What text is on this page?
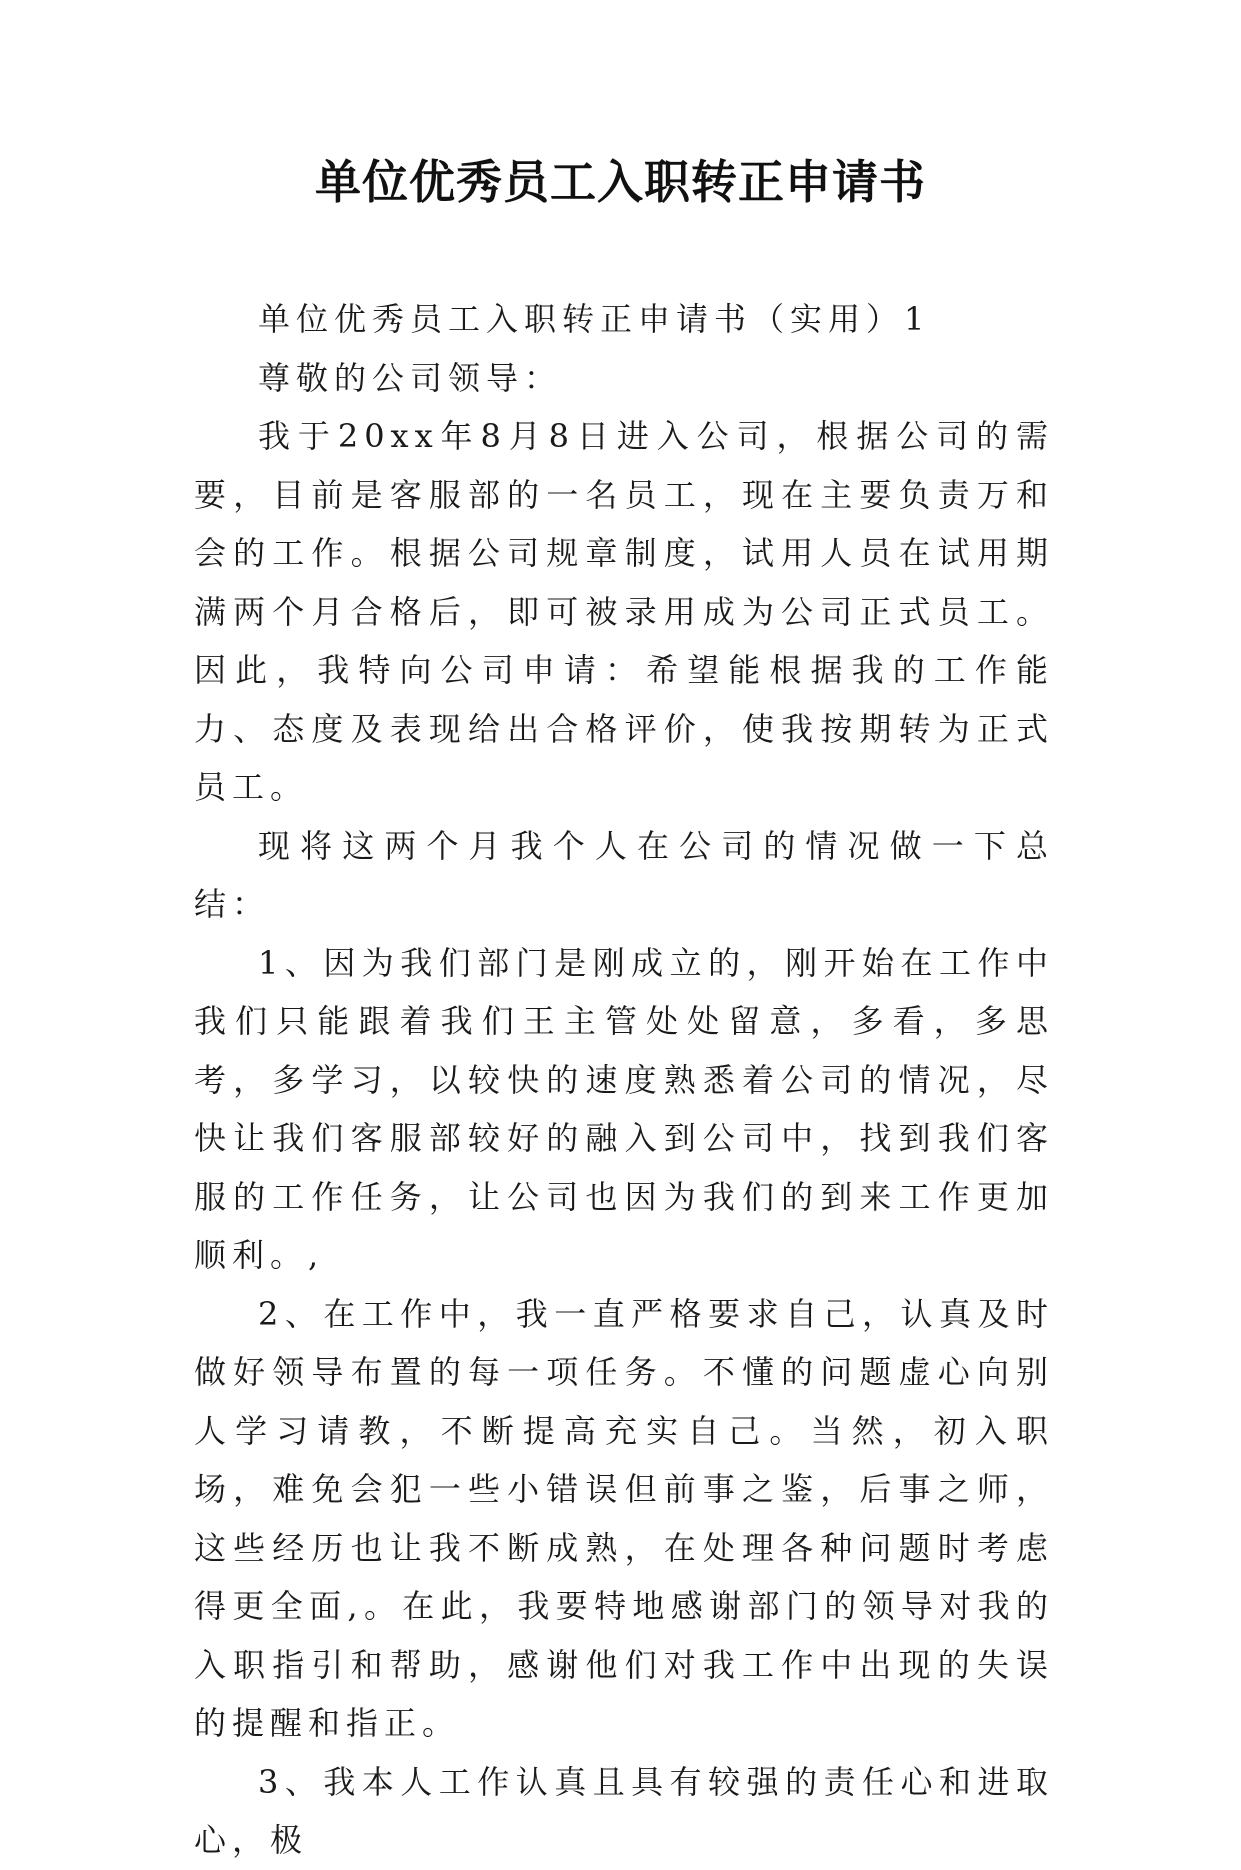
单位优秀员工入职转正申请书

单位优秀员工入职转正申请书（实用）1

尊敬的公司领导：

我于20xx年8月8日进入公司，根据公司的需要，目前是客服部的一名员工，现在主要负责万和会的工作。根据公司规章制度，试用人员在试用期满两个月合格后，即可被录用成为公司正式员工。因此，我特向公司申请：希望能根据我的工作能力、态度及表现给出合格评价，使我按期转为正式员工。

现将这两个月我个人在公司的情况做一下总结：

1、因为我们部门是刚成立的，刚开始在工作中我们只能跟着我们王主管处处留意，多看，多思考，多学习，以较快的速度熟悉着公司的情况，尽快让我们客服部较好的融入到公司中，找到我们客服的工作任务，让公司也因为我们的到来工作更加顺利。,

2、在工作中，我一直严格要求自己，认真及时做好领导布置的每一项任务。不懂的问题虚心向别人学习请教，不断提高充实自己。当然，初入职场，难免会犯一些小错误但前事之鉴，后事之师，这些经历也让我不断成熟，在处理各种问题时考虑得更全面,。在此，我要特地感谢部门的领导对我的入职指引和帮助，感谢他们对我工作中出现的失误的提醒和指正。

3、我本人工作认真且具有较强的责任心和进取心，极
